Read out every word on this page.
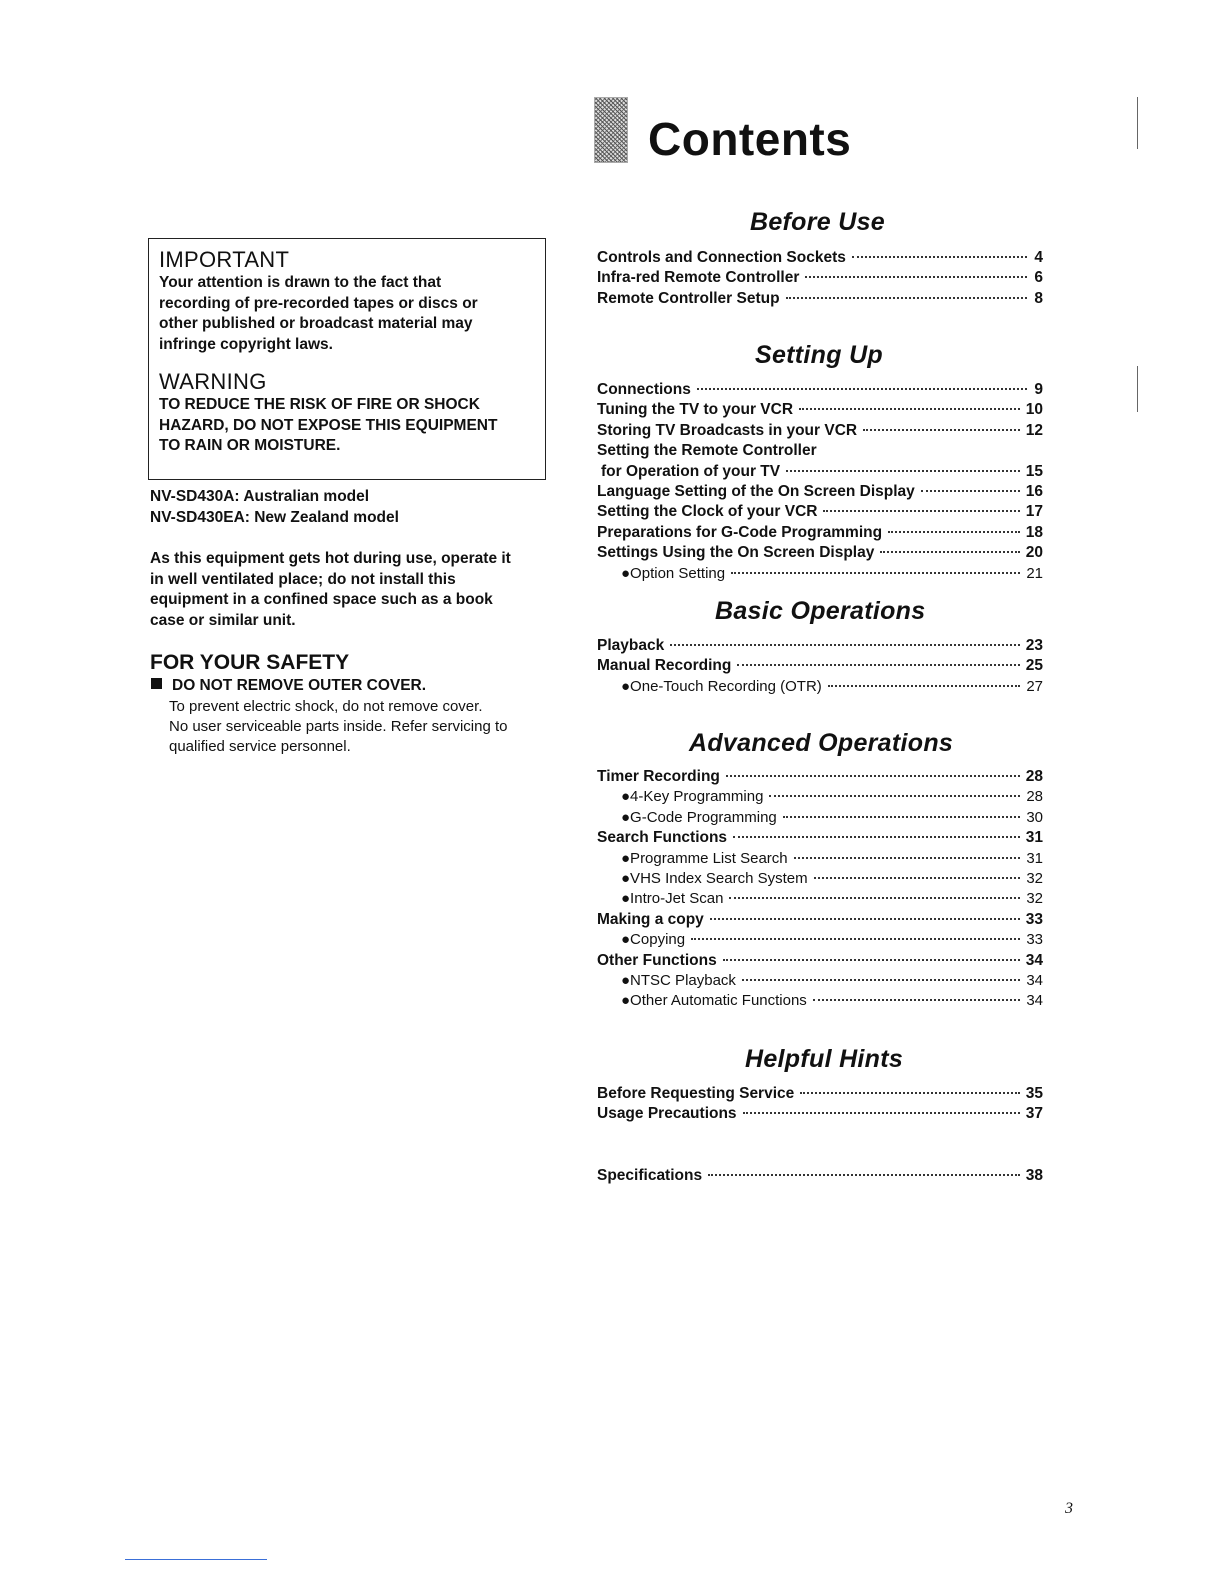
Contents
IMPORTANT

Your attention is drawn to the fact that

recording of pre-recorded tapes or discs or

other published or broadcast material may

infringe copyright laws.

WARNING

TO REDUCE THE RISK OF FIRE OR SHOCK

HAZARD, DO NOT EXPOSE THIS EQUIPMENT

TO RAIN OR MOISTURE.

NV-SD430A: Australian model
NV-SD430EA: New Zealand model
As this equipment gets hot during use, operate it
in well ventilated place; do not install this
equipment in a confined space such as a book
case or similar unit.
FOR YOUR SAFETY
DO NOT REMOVE OUTER COVER.
To prevent electric shock, do not remove cover.
No user serviceable parts inside. Refer servicing to
qualified service personnel.
Before Use
Controls and Connection Sockets	4
Infra-red Remote Controller	6
Remote Controller Setup	8
Setting Up
Connections	9
Tuning the TV to your VCR	10
Storing TV Broadcasts in your VCR	12
Setting the Remote Controller
for Operation of your TV	15
Language Setting of the On Screen Display	16
Setting the Clock of your VCR	17
Preparations for G-Code Programming	18
Settings Using the On Screen Display	20
●Option Setting	21
Basic Operations
Playback	23
Manual Recording	25
●One-Touch Recording (OTR)	27
Advanced Operations
Timer Recording	28
●4-Key Programming	28
●G-Code Programming	30
Search Functions	31
●Programme List Search	31
●VHS Index Search System	32
●Intro-Jet Scan	32
Making a copy	33
●Copying	33
Other Functions	34
●NTSC Playback	34
●Other Automatic Functions	34
Helpful Hints
Before Requesting Service	35
Usage Precautions	37
Specifications	38
3
